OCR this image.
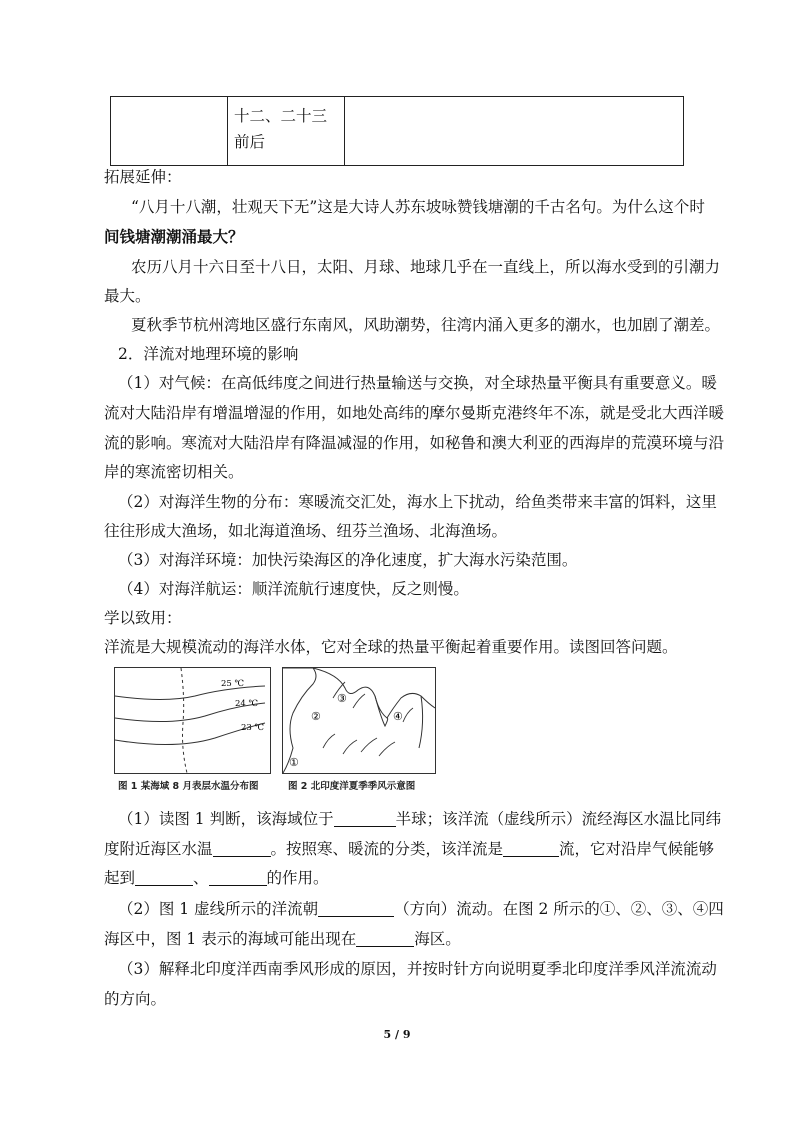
十二、二十三
前后

拓展延伸：
“八月十八潮，壮观天下无”这是大诗人苏东坡咏赞钱塘潮的千古名句。为什么这个时
间钱塘潮潮涌最大？
农历八月十六日至十八日，太阳、月球、地球几乎在一直线上，所以海水受到的引潮力
最大。
夏秋季节杭州湾地区盛行东南风，风助潮势，往湾内涌入更多的潮水，也加剧了潮差。
2．洋流对地理环境的影响
（1）对气候：在高低纬度之间进行热量输送与交换，对全球热量平衡具有重要意义。暖
流对大陆沿岸有增温增湿的作用，如地处高纬的摩尔曼斯克港终年不冻，就是受北大西洋暖
流的影响。寒流对大陆沿岸有降温减湿的作用，如秘鲁和澳大利亚的西海岸的荒漠环境与沿
岸的寒流密切相关。
（2）对海洋生物的分布：寒暖流交汇处，海水上下扰动，给鱼类带来丰富的饵料，这里
往往形成大渔场，如北海道渔场、纽芬兰渔场、北海渔场。
（3）对海洋环境：加快污染海区的净化速度，扩大海水污染范围。
（4）对海洋航运：顺洋流航行速度快，反之则慢。
学以致用：
洋流是大规模流动的海洋水体，它对全球的热量平衡起着重要作用。读图回答问题。
25 ℃
24 ℃
23 ℃
图 1 某海域 8 月表层水温分布图
①
②
③
④
图 2 北印度洋夏季季风示意图
（1）读图 1 判断，该海域位于	半球；该洋流（虚线所示）流经海区水温比同纬
度附近海区水温	。按照寒、暖流的分类，该洋流是	流，它对沿岸气候能够
起到	、	的作用。
（2）图 1 虚线所示的洋流朝	（方向）流动。在图 2 所示的①、②、③、④四
海区中，图 1 表示的海域可能出现在	海区。
（3）解释北印度洋西南季风形成的原因，并按时针方向说明夏季北印度洋季风洋流流动
的方向。
5 / 9
